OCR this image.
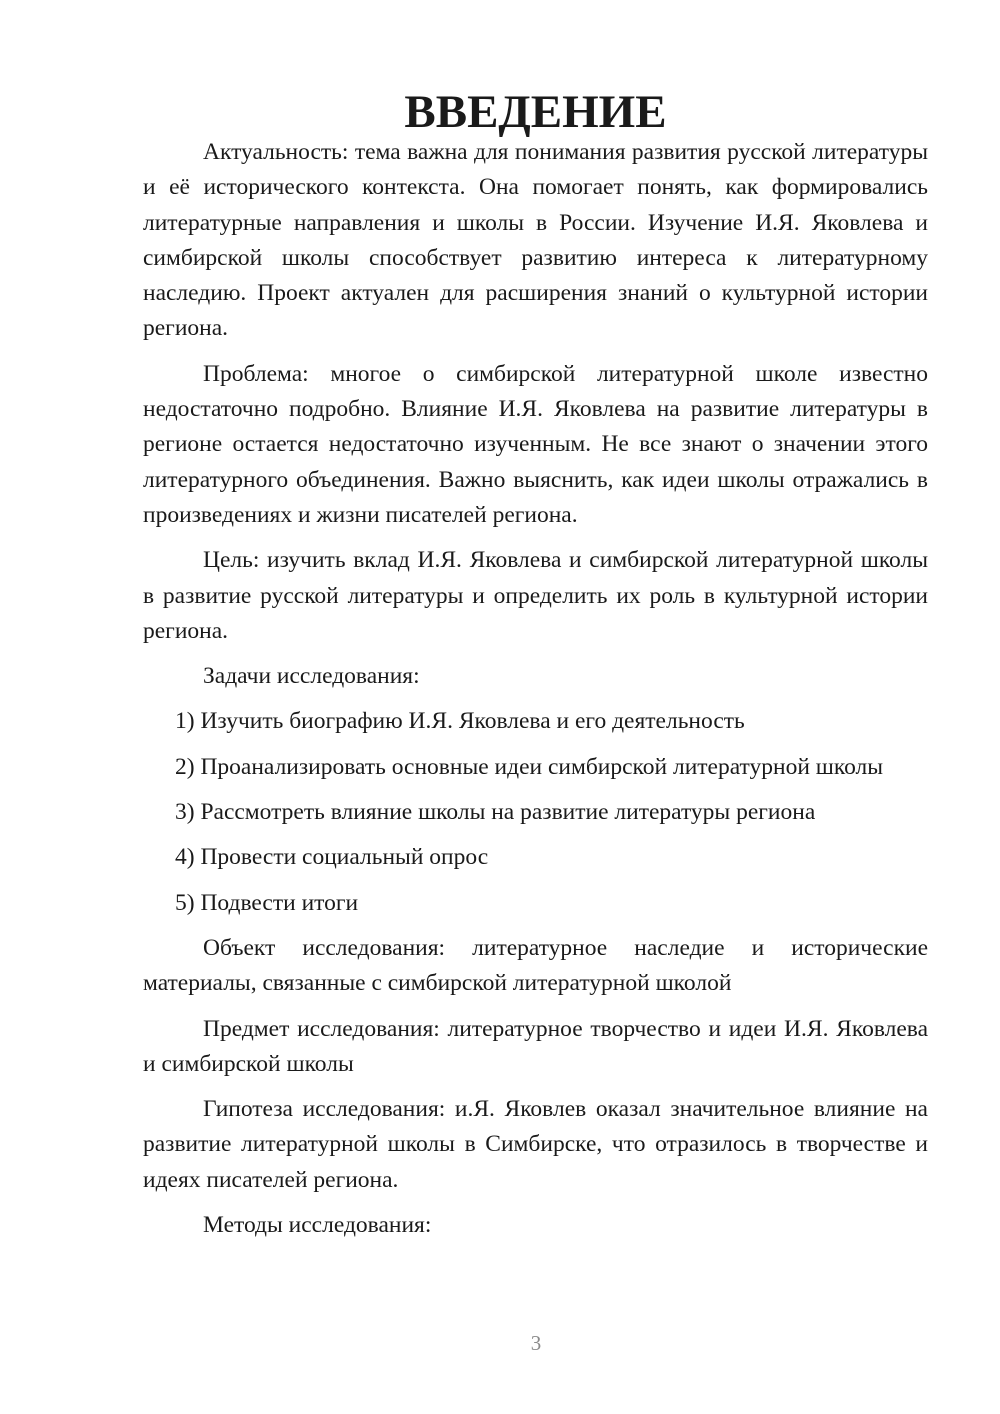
ВВЕДЕНИЕ

Актуальность: тема важна для понимания развития русской литературы и её исторического контекста. Она помогает понять, как формировались литературные направления и школы в России. Изучение И.Я. Яковлева и симбирской школы способствует развитию интереса к литературному наследию. Проект актуален для расширения знаний о культурной истории региона.

Проблема: многое о симбирской литературной школе известно недостаточно подробно. Влияние И.Я. Яковлева на развитие литературы в регионе остается недостаточно изученным. Не все знают о значении этого литературного объединения. Важно выяснить, как идеи школы отражались в произведениях и жизни писателей региона.

Цель: изучить вклад И.Я. Яковлева и симбирской литературной школы в развитие русской литературы и определить их роль в культурной истории региона.

Задачи исследования:

1) Изучить биографию И.Я. Яковлева и его деятельность
2) Проанализировать основные идеи симбирской литературной школы
3) Рассмотреть влияние школы на развитие литературы региона
4) Провести социальный опрос
5) Подвести итоги

Объект исследования: литературное наследие и исторические материалы, связанные с симбирской литературной школой

Предмет исследования: литературное творчество и идеи И.Я. Яковлева и симбирской школы

Гипотеза исследования: и.Я. Яковлев оказал значительное влияние на развитие литературной школы в Симбирске, что отразилось в творчестве и идеях писателей региона.

Методы исследования:

3
